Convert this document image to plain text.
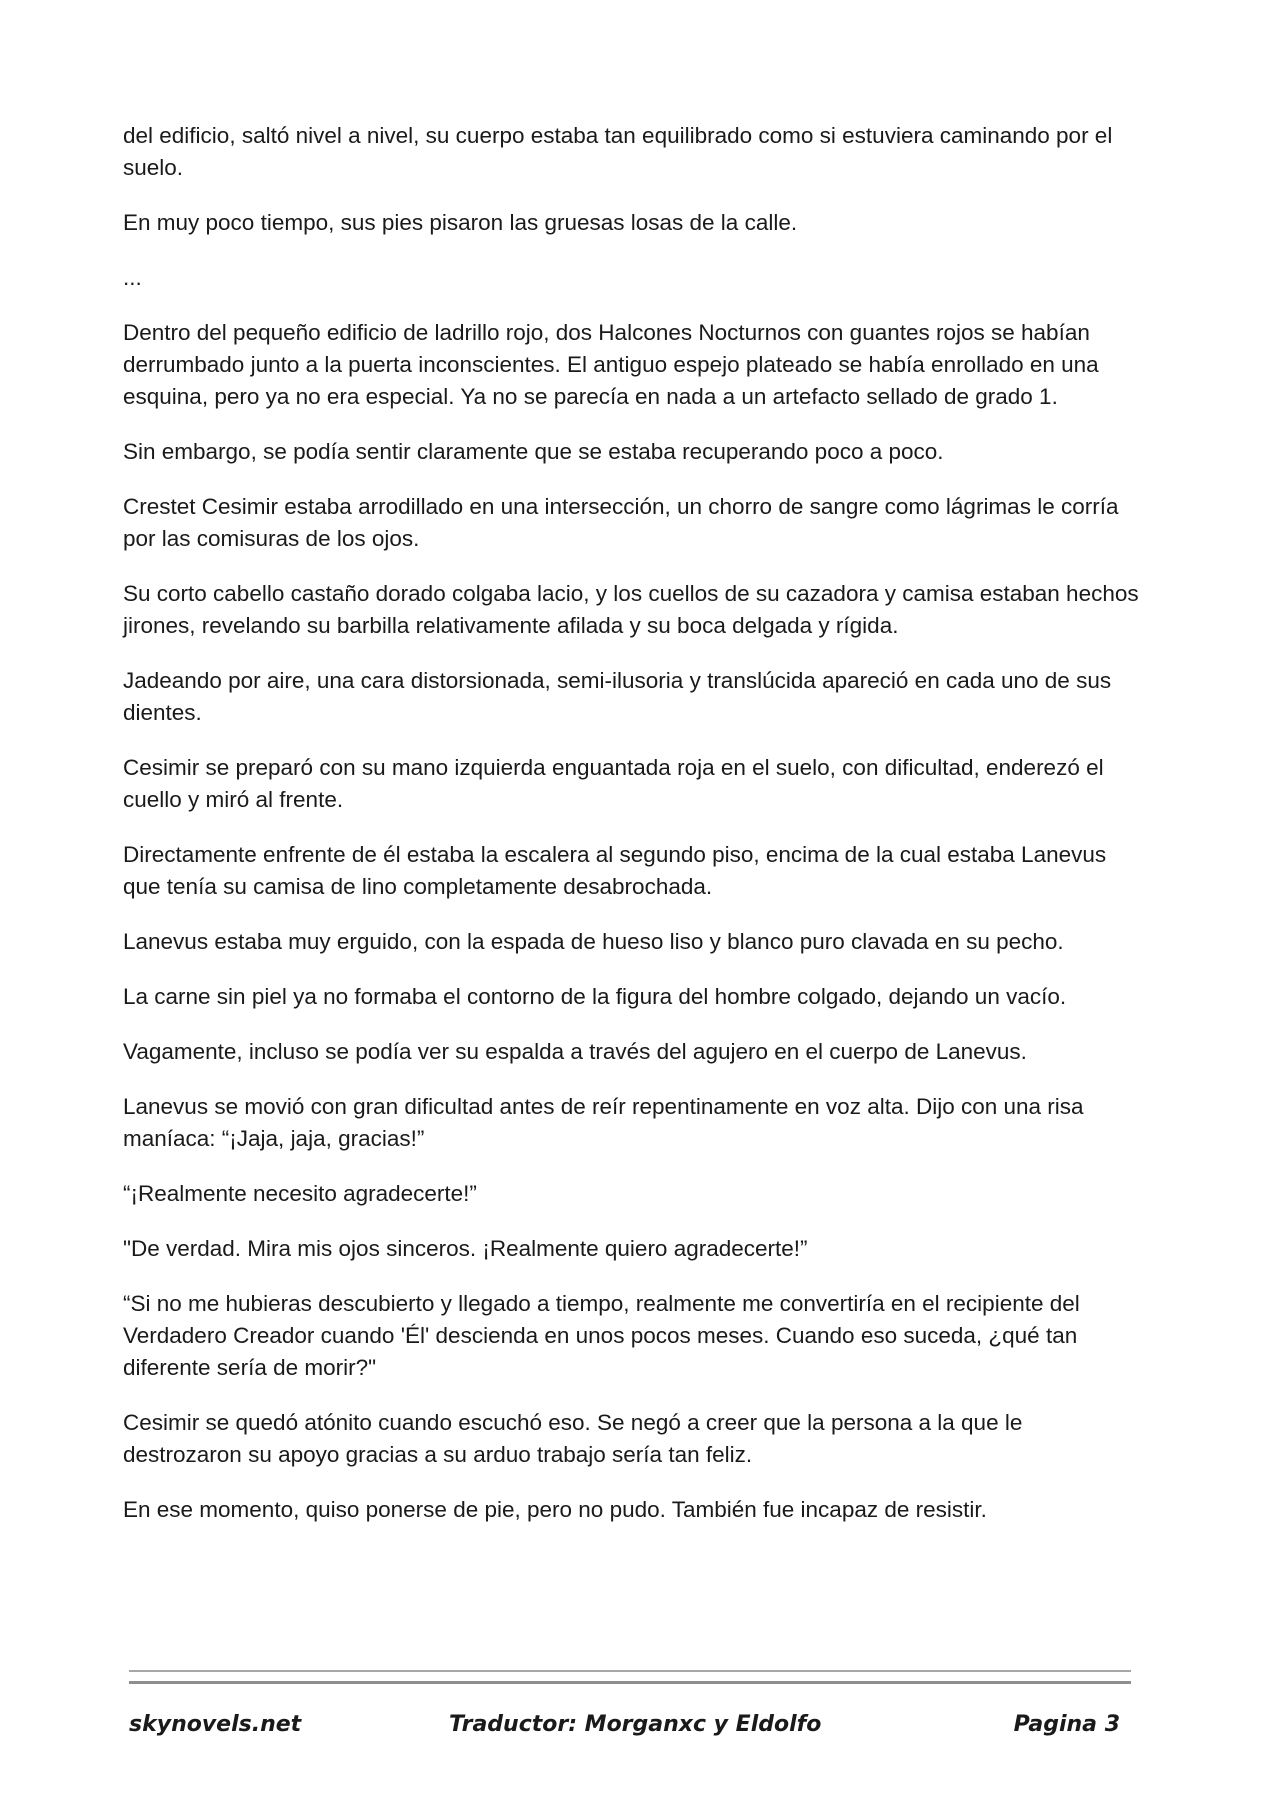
del edificio, saltó nivel a nivel, su cuerpo estaba tan equilibrado como si estuviera caminando por el suelo.

En muy poco tiempo, sus pies pisaron las gruesas losas de la calle.

...

Dentro del pequeño edificio de ladrillo rojo, dos Halcones Nocturnos con guantes rojos se habían derrumbado junto a la puerta inconscientes. El antiguo espejo plateado se había enrollado en una esquina, pero ya no era especial. Ya no se parecía en nada a un artefacto sellado de grado 1.

Sin embargo, se podía sentir claramente que se estaba recuperando poco a poco.

Crestet Cesimir estaba arrodillado en una intersección, un chorro de sangre como lágrimas le corría por las comisuras de los ojos.

Su corto cabello castaño dorado colgaba lacio, y los cuellos de su cazadora y camisa estaban hechos jirones, revelando su barbilla relativamente afilada y su boca delgada y rígida.

Jadeando por aire, una cara distorsionada, semi-ilusoria y translúcida apareció en cada uno de sus dientes.

Cesimir se preparó con su mano izquierda enguantada roja en el suelo, con dificultad, enderezó el cuello y miró al frente.

Directamente enfrente de él estaba la escalera al segundo piso, encima de la cual estaba Lanevus que tenía su camisa de lino completamente desabrochada.

Lanevus estaba muy erguido, con la espada de hueso liso y blanco puro clavada en su pecho.

La carne sin piel ya no formaba el contorno de la figura del hombre colgado, dejando un vacío.

Vagamente, incluso se podía ver su espalda a través del agujero en el cuerpo de Lanevus.

Lanevus se movió con gran dificultad antes de reír repentinamente en voz alta. Dijo con una risa maníaca: “¡Jaja, jaja, gracias!”

“¡Realmente necesito agradecerte!”

"De verdad. Mira mis ojos sinceros. ¡Realmente quiero agradecerte!”

“Si no me hubieras descubierto y llegado a tiempo, realmente me convertiría en el recipiente del Verdadero Creador cuando 'Él' descienda en unos pocos meses. Cuando eso suceda, ¿qué tan diferente sería de morir?"

Cesimir se quedó atónito cuando escuchó eso. Se negó a creer que la persona a la que le destrozaron su apoyo gracias a su arduo trabajo sería tan feliz.

En ese momento, quiso ponerse de pie, pero no pudo. También fue incapaz de resistir.

skynovels.net	Traductor: Morganxc y Eldolfo	Pagina 3
